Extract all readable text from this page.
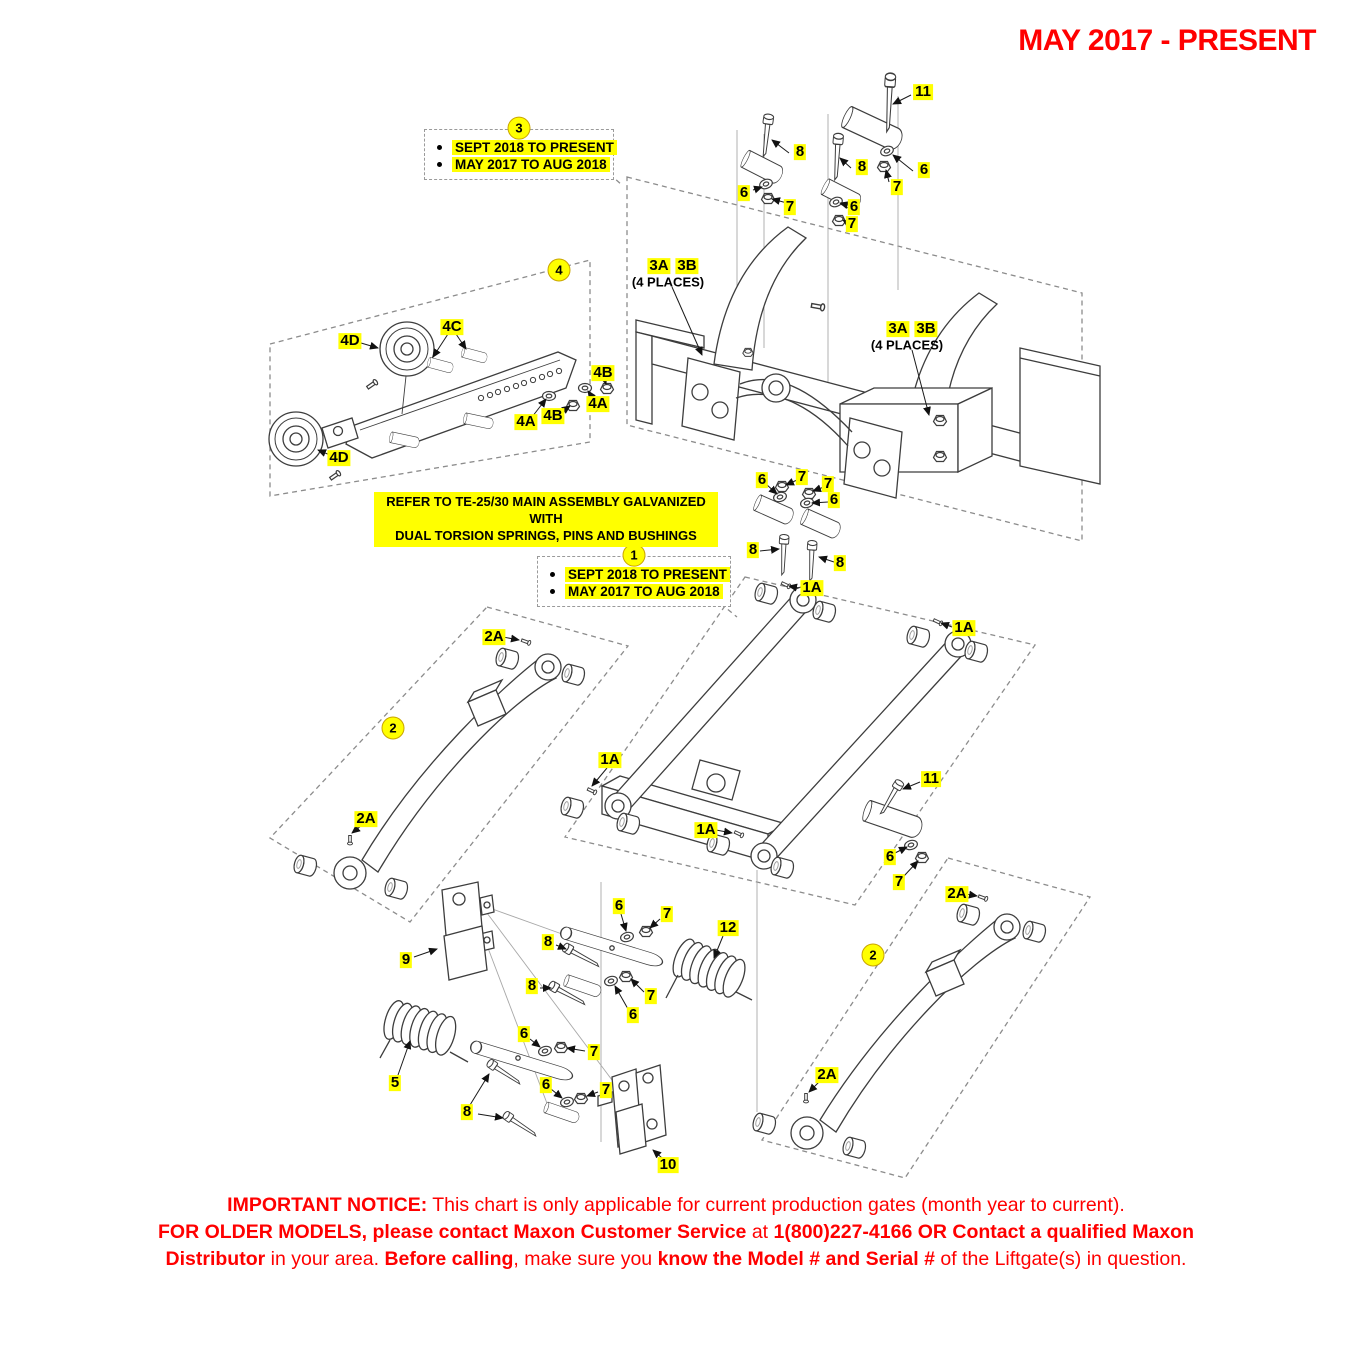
MAY 2017 - PRESENT
3
SEPT 2018 TO PRESENT
MAY 2017 TO AUG 2018
1
SEPT 2018 TO PRESENT
MAY 2017 TO AUG 2018
REFER TO TE-25/30 MAIN ASSEMBLY GALVANIZED WITH
DUAL TORSION SPRINGS, PINS AND BUSHINGS
4
2
2
11
8
8	6
7
6
7	6
7
3A 3B
(4 PLACES)
3A 3B
(4 PLACES)
4D
4C
4B
4A
4B
4A
4D
6 7 7
6
8
8
1A
1A
1A
1A
11
6
7
2A
2A
2A
2A
9
8
6	7
12
8
7
6
6
7
5	6	7
8
10
IMPORTANT NOTICE: This chart is only applicable for current production gates (month year to current).
FOR OLDER MODELS, please contact Maxon Customer Service at 1(800)227-4166 OR Contact a qualified Maxon
Distributor in your area. Before calling, make sure you know the Model # and Serial # of the Liftgate(s) in question.
